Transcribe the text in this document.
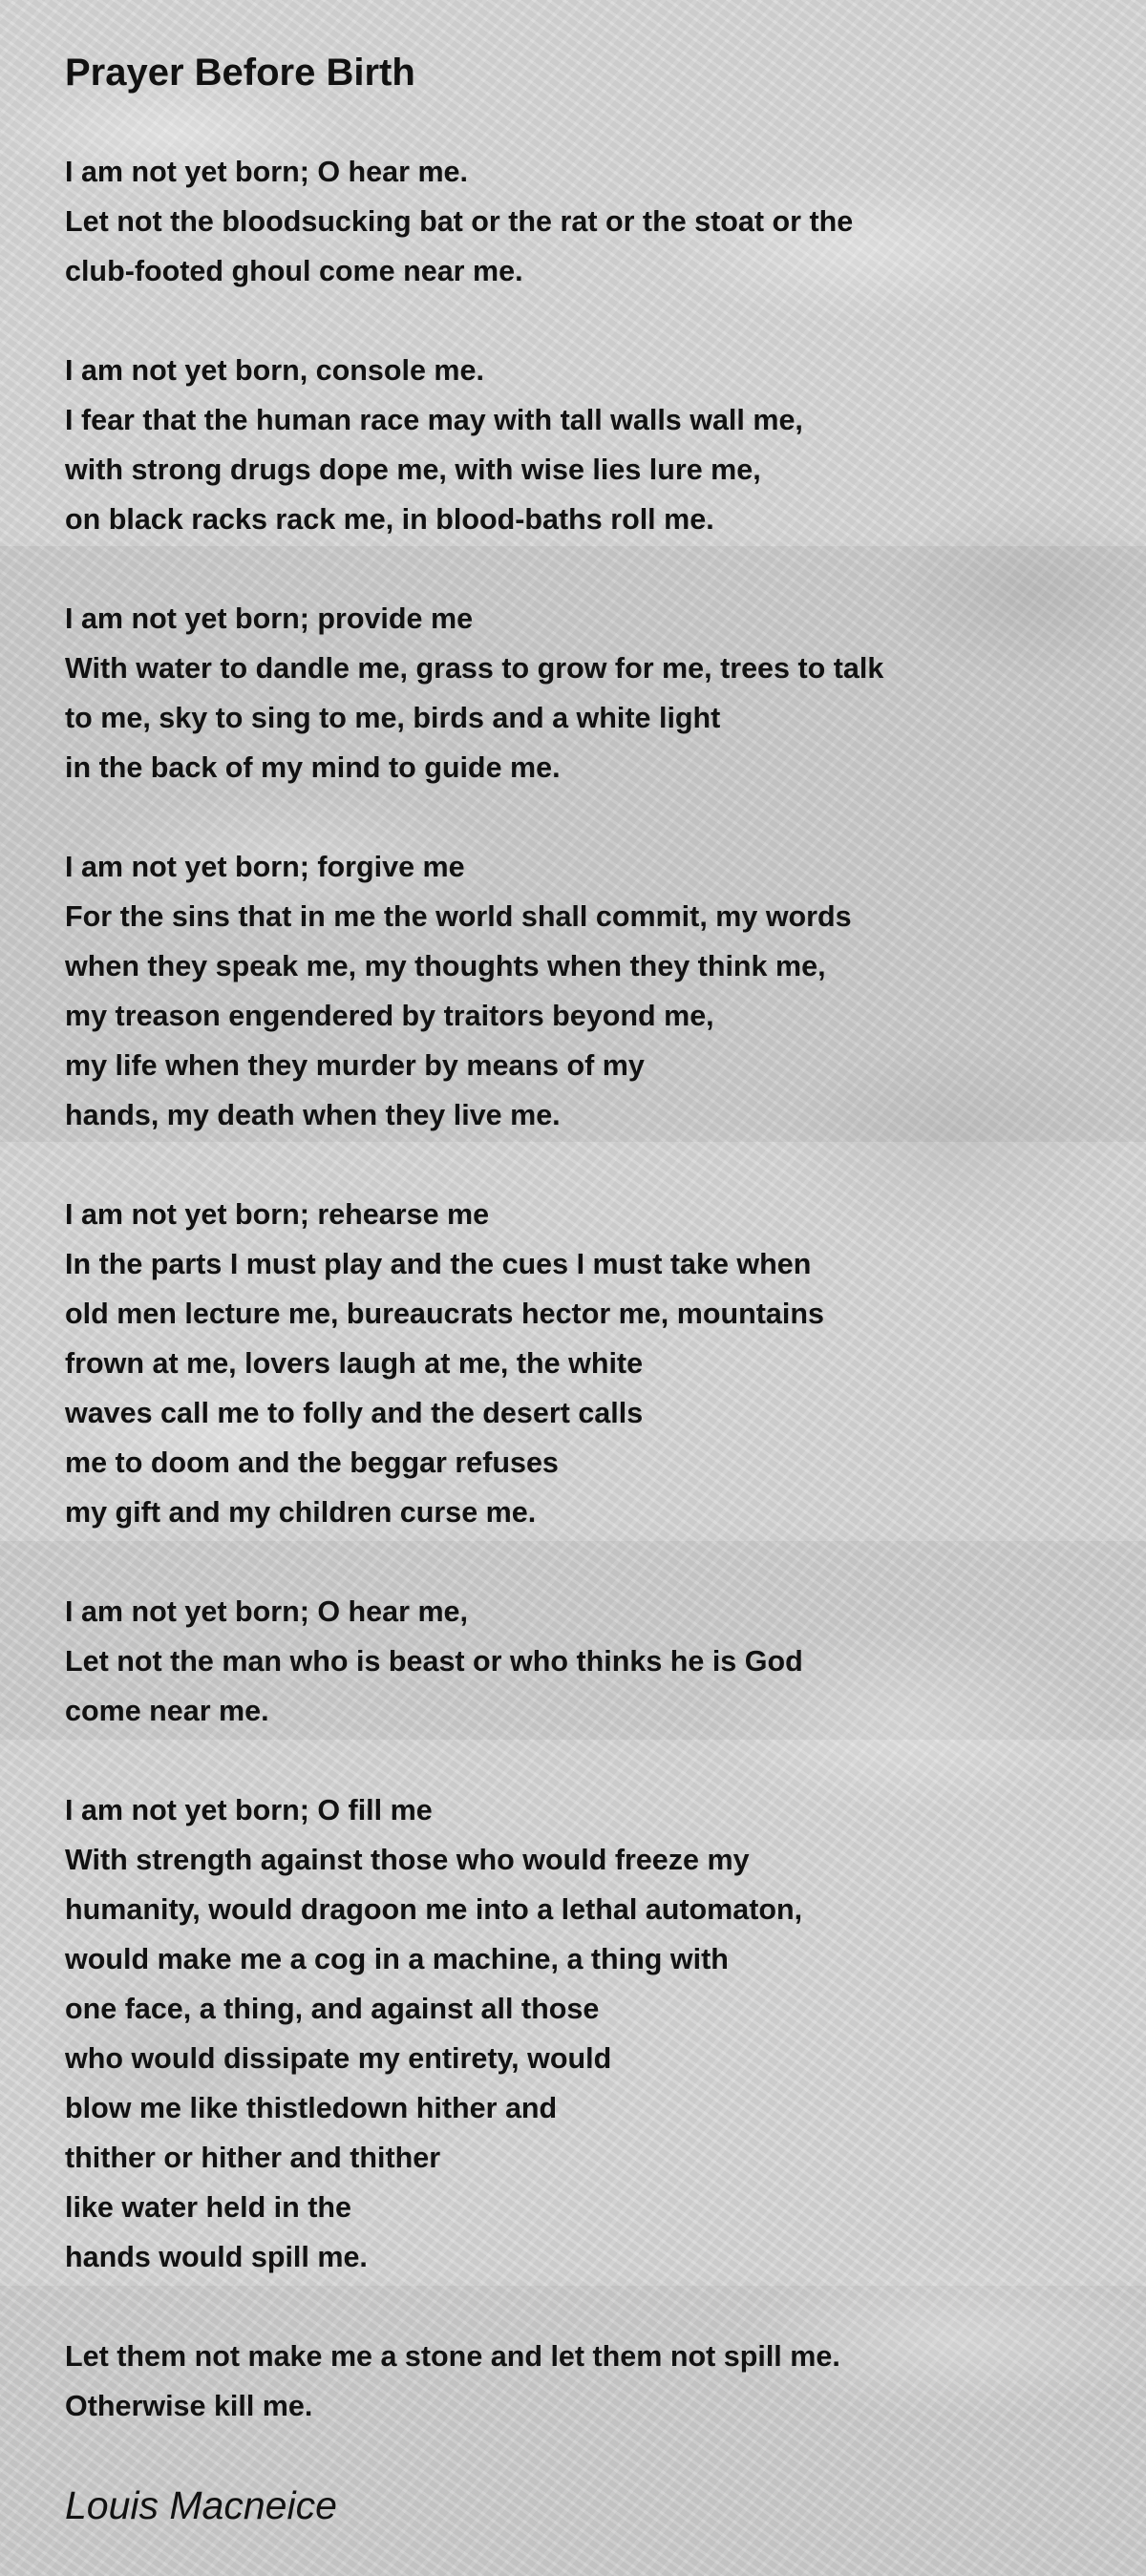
Prayer Before Birth
I am not yet born; O hear me.
Let not the bloodsucking bat or the rat or the stoat or the
club-footed ghoul come near me.
I am not yet born, console me.
I fear that the human race may with tall walls wall me,
with strong drugs dope me, with wise lies lure me,
on black racks rack me, in blood-baths roll me.
I am not yet born; provide me
With water to dandle me, grass to grow for me, trees to talk
to me, sky to sing to me, birds and a white light
in the back of my mind to guide me.
I am not yet born; forgive me
For the sins that in me the world shall commit, my words
when they speak me, my thoughts when they think me,
my treason engendered by traitors beyond me,
my life when they murder by means of my
hands, my death when they live me.
I am not yet born; rehearse me
In the parts I must play and the cues I must take when
old men lecture me, bureaucrats hector me, mountains
frown at me, lovers laugh at me, the white
waves call me to folly and the desert calls
me to doom and the beggar refuses
my gift and my children curse me.
I am not yet born; O hear me,
Let not the man who is beast or who thinks he is God
come near me.
I am not yet born; O fill me
With strength against those who would freeze my
humanity, would dragoon me into a lethal automaton,
would make me a cog in a machine, a thing with
one face, a thing, and against all those
who would dissipate my entirety, would
blow me like thistledown hither and
thither or hither and thither
like water held in the
hands would spill me.
Let them not make me a stone and let them not spill me.
Otherwise kill me.
Louis Macneice
